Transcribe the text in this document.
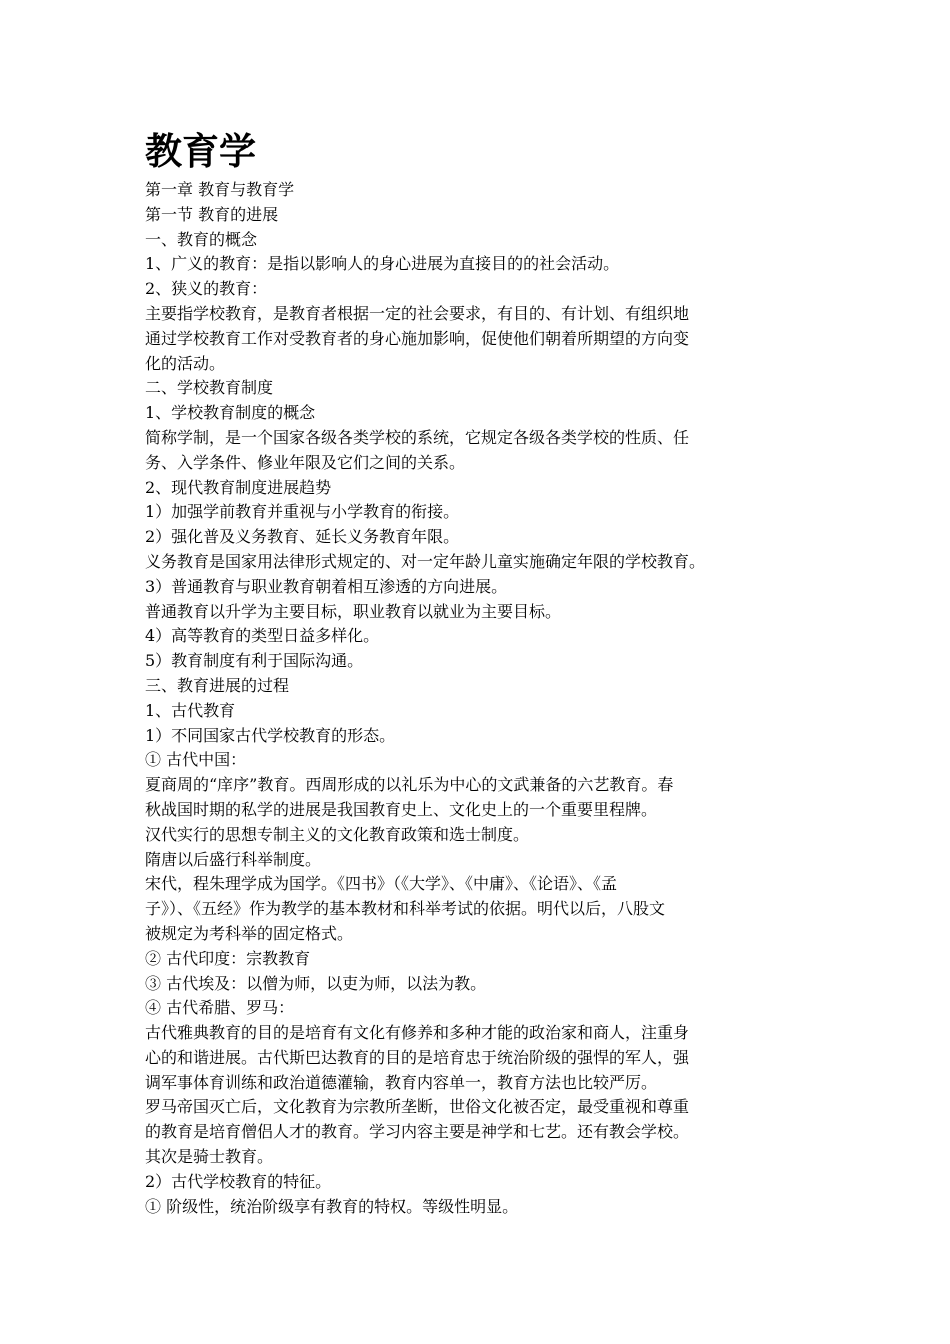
教育学

第一章 教育与教育学

第一节 教育的进展

一、教育的概念

1、广义的教育：是指以影响人的身心进展为直接目的的社会活动。

2、狭义的教育：

主要指学校教育，是教育者根据一定的社会要求，有目的、有计划、有组织地

通过学校教育工作对受教育者的身心施加影响，促使他们朝着所期望的方向变

化的活动。

二、学校教育制度

1、学校教育制度的概念

简称学制，是一个国家各级各类学校的系统，它规定各级各类学校的性质、任

务、入学条件、修业年限及它们之间的关系。

2、现代教育制度进展趋势

1）加强学前教育并重视与小学教育的衔接。

2）强化普及义务教育、延长义务教育年限。

义务教育是国家用法律形式规定的、对一定年龄儿童实施确定年限的学校教育。

3）普通教育与职业教育朝着相互渗透的方向进展。

普通教育以升学为主要目标，职业教育以就业为主要目标。

4）高等教育的类型日益多样化。

5）教育制度有利于国际沟通。

三、教育进展的过程

1、古代教育

1）不同国家古代学校教育的形态。

① 古代中国：

夏商周的“庠序”教育。西周形成的以礼乐为中心的文武兼备的六艺教育。春

秋战国时期的私学的进展是我国教育史上、文化史上的一个重要里程牌。

汉代实行的思想专制主义的文化教育政策和选士制度。

隋唐以后盛行科举制度。

宋代，程朱理学成为国学。《四书》（《大学》、《中庸》、《论语》、《孟

子》）、《五经》作为教学的基本教材和科举考试的依据。明代以后，八股文

被规定为考科举的固定格式。

② 古代印度：宗教教育

③ 古代埃及：以僧为师，以吏为师，以法为教。

④ 古代希腊、罗马：

古代雅典教育的目的是培育有文化有修养和多种才能的政治家和商人，注重身

心的和谐进展。古代斯巴达教育的目的是培育忠于统治阶级的强悍的军人，强

调军事体育训练和政治道德灌输，教育内容单一，教育方法也比较严厉。

罗马帝国灭亡后，文化教育为宗教所垄断，世俗文化被否定，最受重视和尊重

的教育是培育僧侣人才的教育。学习内容主要是神学和七艺。还有教会学校。

其次是骑士教育。

2）古代学校教育的特征。

① 阶级性，统治阶级享有教育的特权。等级性明显。
